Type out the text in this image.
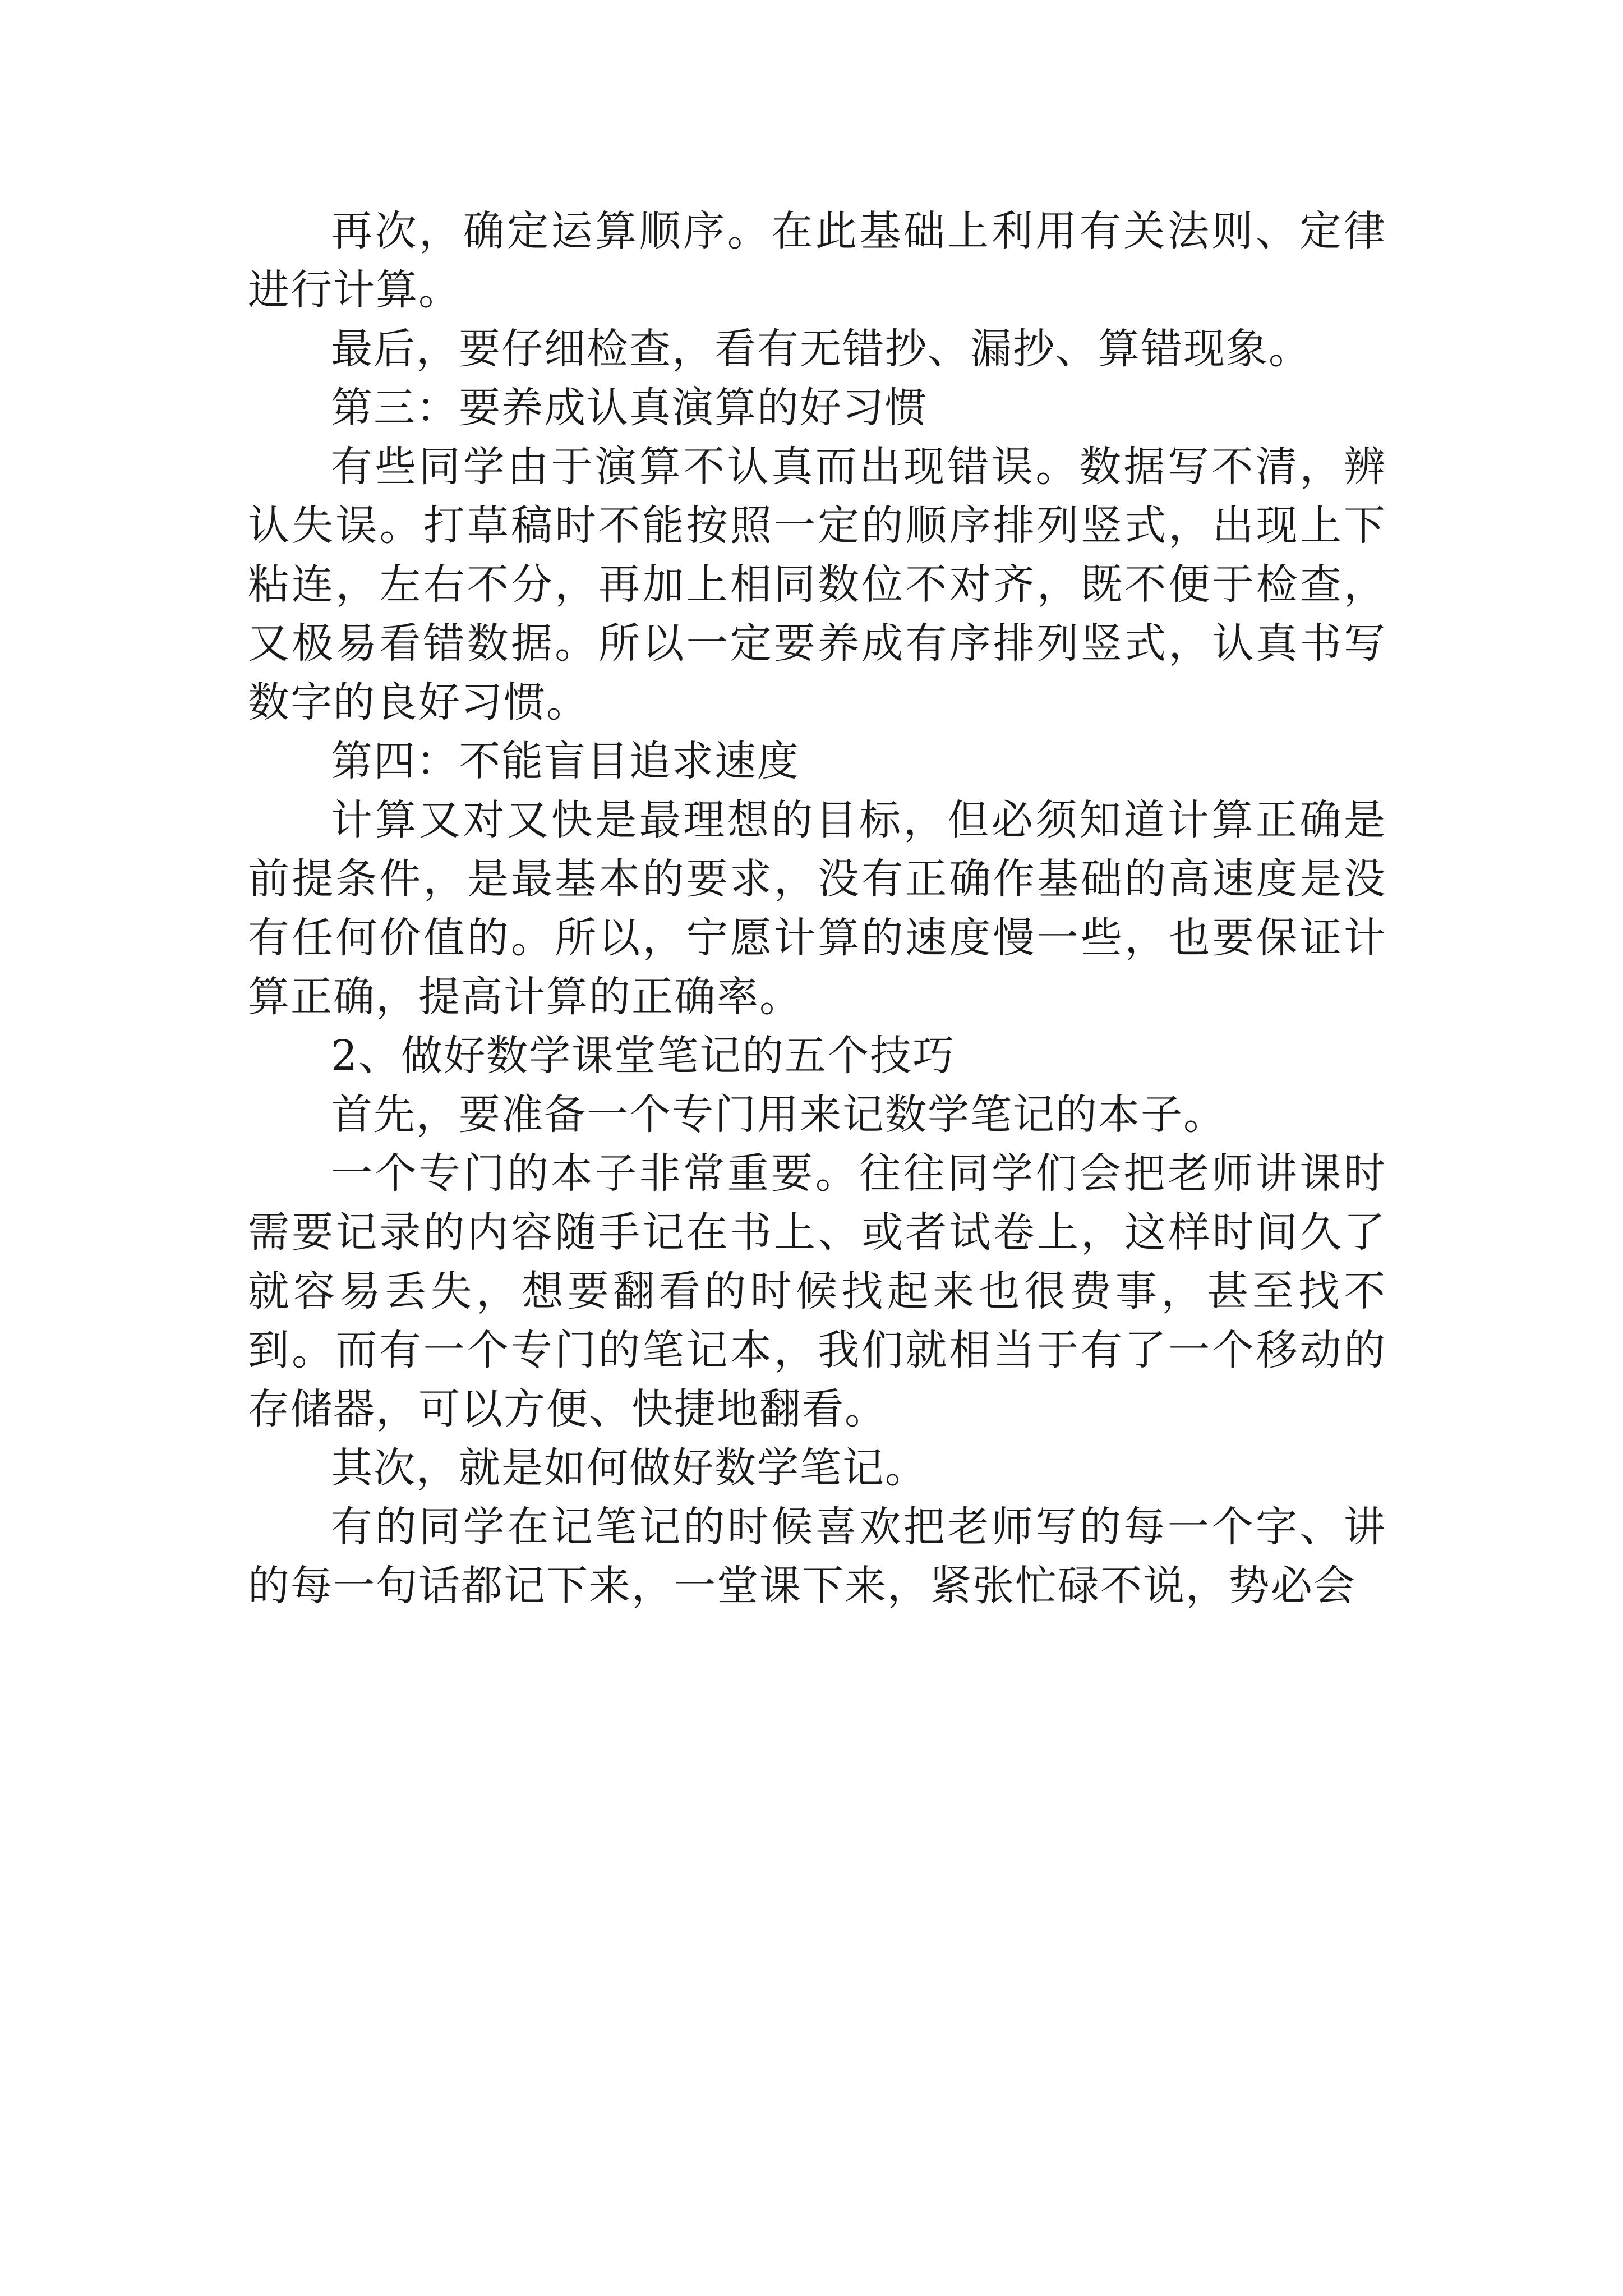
再次，确定运算顺序。在此基础上利用有关法则、定律进行计算。

最后，要仔细检查，看有无错抄、漏抄、算错现象。

第三：要养成认真演算的好习惯

有些同学由于演算不认真而出现错误。数据写不清，辨认失误。打草稿时不能按照一定的顺序排列竖式，出现上下粘连，左右不分，再加上相同数位不对齐，既不便于检查，又极易看错数据。所以一定要养成有序排列竖式，认真书写数字的良好习惯。

第四：不能盲目追求速度

计算又对又快是最理想的目标，但必须知道计算正确是前提条件，是最基本的要求，没有正确作基础的高速度是没有任何价值的。所以，宁愿计算的速度慢一些，也要保证计算正确，提高计算的正确率。

2、做好数学课堂笔记的五个技巧

首先，要准备一个专门用来记数学笔记的本子。

一个专门的本子非常重要。往往同学们会把老师讲课时需要记录的内容随手记在书上、或者试卷上，这样时间久了就容易丢失，想要翻看的时候找起来也很费事，甚至找不到。而有一个专门的笔记本，我们就相当于有了一个移动的存储器，可以方便、快捷地翻看。

其次，就是如何做好数学笔记。

有的同学在记笔记的时候喜欢把老师写的每一个字、讲的每一句话都记下来，一堂课下来，紧张忙碌不说，势必会
